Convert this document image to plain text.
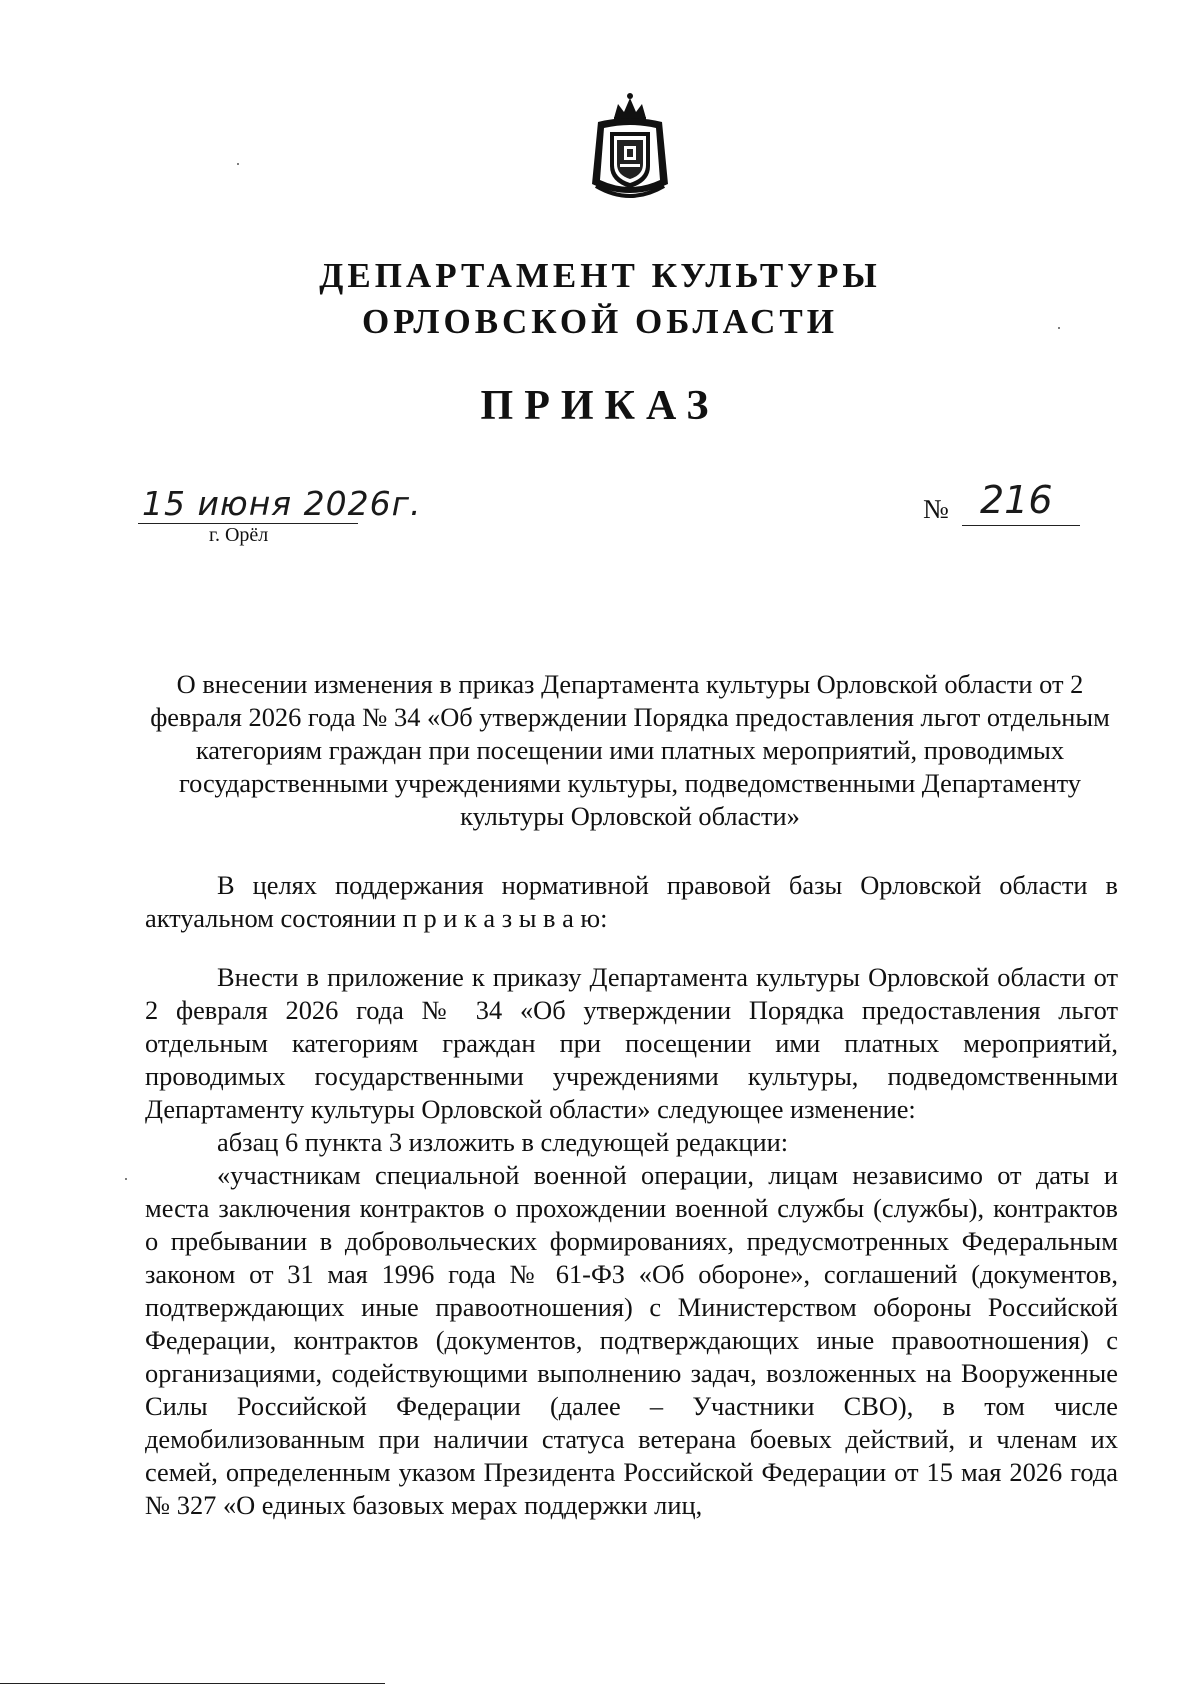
ДЕПАРТАМЕНТ КУЛЬТУРЫ
ОРЛОВСКОЙ ОБЛАСТИ
ПРИКАЗ
15 июня 2026г.
г. Орёл
№ 216

О внесении изменения в приказ Департамента культуры Орловской области от 2 февраля 2026 года № 34 «Об утверждении Порядка предоставления льгот отдельным категориям граждан при посещении ими платных мероприятий, проводимых государственными учреждениями культуры, подведомственными Департаменту культуры Орловской области»

В целях поддержания нормативной правовой базы Орловской области в актуальном состоянии п р и к а з ы в а ю:

Внести в приложение к приказу Департамента культуры Орловской области от 2 февраля 2026 года № 34 «Об утверждении Порядка предоставления льгот отдельным категориям граждан при посещении ими платных мероприятий, проводимых государственными учреждениями культуры, подведомственными Департаменту культуры Орловской области» следующее изменение:

абзац 6 пункта 3 изложить в следующей редакции:

«участникам специальной военной операции, лицам независимо от даты и места заключения контрактов о прохождении военной службы (службы), контрактов о пребывании в добровольческих формированиях, предусмотренных Федеральным законом от 31 мая 1996 года № 61-ФЗ «Об обороне», соглашений (документов, подтверждающих иные правоотношения) с Министерством обороны Российской Федерации, контрактов (документов, подтверждающих иные правоотношения) с организациями, содействующими выполнению задач, возложенных на Вооруженные Силы Российской Федерации (далее – Участники СВО), в том числе демобилизованным при наличии статуса ветерана боевых действий, и членам их семей, определенным указом Президента Российской Федерации от 15 мая 2026 года № 327 «О единых базовых мерах поддержки лиц,
